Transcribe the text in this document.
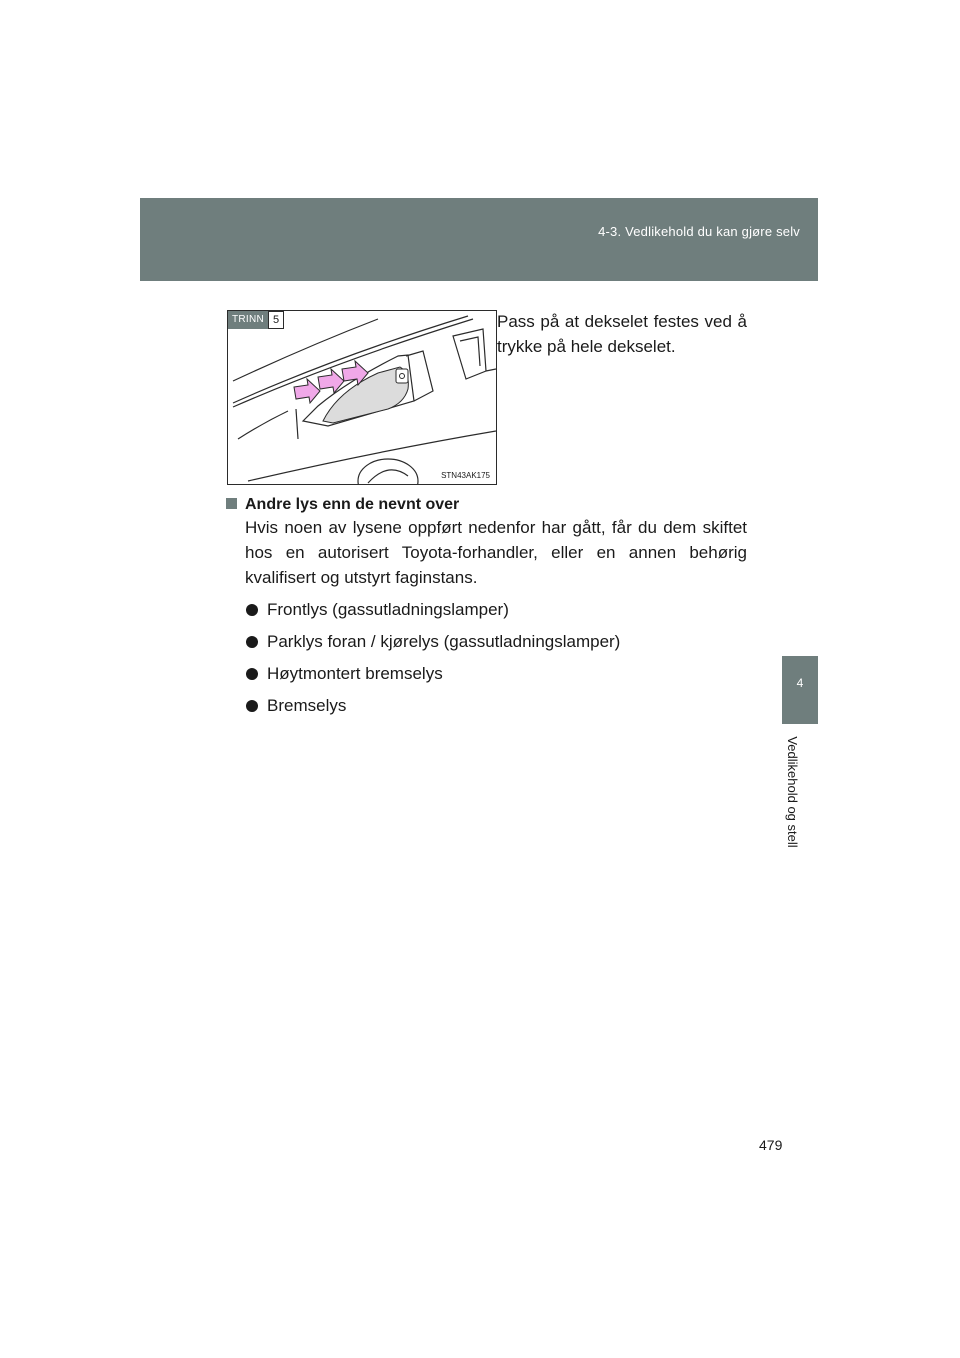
4-3. Vedlikehold du kan gjøre selv
4
Vedlikehold og stell
TRINN 5
STN43AK175
Pass på at dekselet festes ved å trykke på hele dekselet.
Andre lys enn de nevnt over
Hvis noen av lysene oppført nedenfor har gått, får du dem skiftet hos en autorisert Toyota-forhandler, eller en annen behørig kvalifisert og utstyrt faginstans.
Frontlys (gassutladningslamper)
Parklys foran / kjørelys (gassutladningslamper)
Høytmontert bremselys
Bremselys
479
